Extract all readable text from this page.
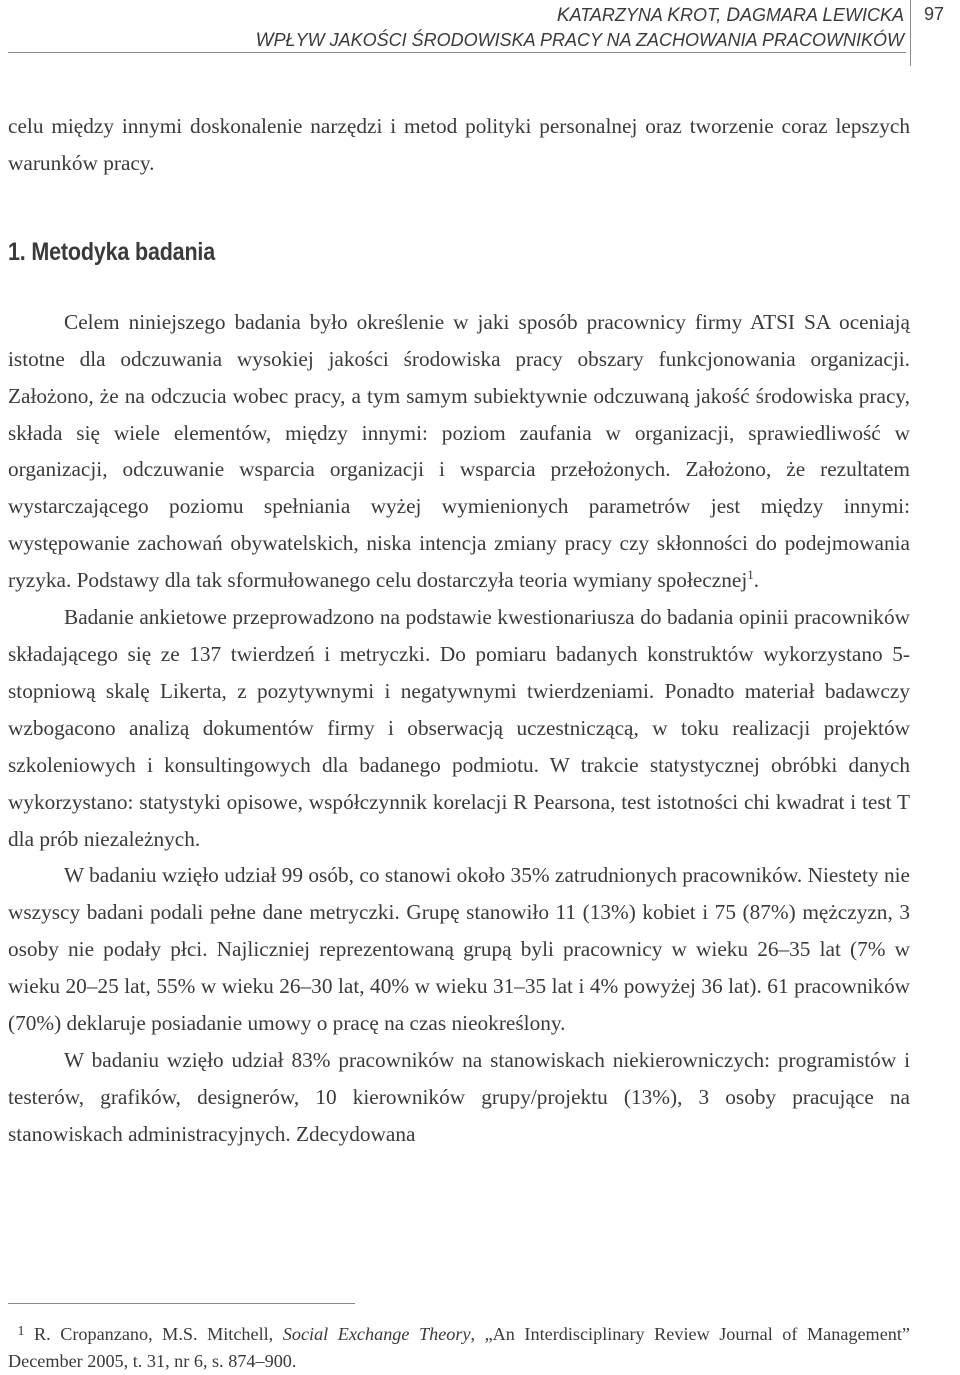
KATARZYNA KROT, DAGMARA LEWICKA
WPŁYW JAKOŚCI ŚRODOWISKA PRACY NA ZACHOWANIA PRACOWNIKÓW
97

celu między innymi doskonalenie narzędzi i metod polityki personalnej oraz tworzenie coraz lepszych warunków pracy.

1. Metodyka badania

Celem niniejszego badania było określenie w jaki sposób pracownicy firmy ATSI SA oceniają istotne dla odczuwania wysokiej jakości środowiska pracy obszary funkcjonowania organizacji. Założono, że na odczucia wobec pracy, a tym samym subiektywnie odczuwaną jakość środowiska pracy, składa się wiele elementów, między innymi: poziom zaufania w organizacji, sprawiedliwość w organizacji, odczuwanie wsparcia organizacji i wsparcia przełożonych. Założono, że rezultatem wystarczającego poziomu spełniania wyżej wymienionych parametrów jest między innymi: występowanie zachowań obywatelskich, niska intencja zmiany pracy czy skłonności do podejmowania ryzyka. Podstawy dla tak sformułowanego celu dostarczyła teoria wymiany społecznej$^1$.

Badanie ankietowe przeprowadzono na podstawie kwestionariusza do badania opinii pracowników składającego się ze 137 twierdzeń i metryczki. Do pomiaru badanych konstruktów wykorzystano 5-stopniową skalę Likerta, z pozytywnymi i negatywnymi twierdzeniami. Ponadto materiał badawczy wzbogacono analizą dokumentów firmy i obserwacją uczestniczącą, w toku realizacji projektów szkoleniowych i konsultingowych dla badanego podmiotu. W trakcie statystycznej obróbki danych wykorzystano: statystyki opisowe, współczynnik korelacji R Pearsona, test istotności chi kwadrat i test T dla prób niezależnych.

W badaniu wzięło udział 99 osób, co stanowi około 35% zatrudnionych pracowników. Niestety nie wszyscy badani podali pełne dane metryczki. Grupę stanowiło 11 (13%) kobiet i 75 (87%) mężczyzn, 3 osoby nie podały płci. Najliczniej reprezentowaną grupą byli pracownicy w wieku 26–35 lat (7% w wieku 20–25 lat, 55% w wieku 26–30 lat, 40% w wieku 31–35 lat i 4% powyżej 36 lat). 61 pracowników (70%) deklaruje posiadanie umowy o pracę na czas nieokreślony.

W badaniu wzięło udział 83% pracowników na stanowiskach niekierowniczych: programistów i testerów, grafików, designerów, 10 kierowników grupy/projektu (13%), 3 osoby pracujące na stanowiskach administracyjnych. Zdecydowana

1 R. Cropanzano, M.S. Mitchell, Social Exchange Theory, „An Interdisciplinary Review Journal of Management” December 2005, t. 31, nr 6, s. 874–900.
